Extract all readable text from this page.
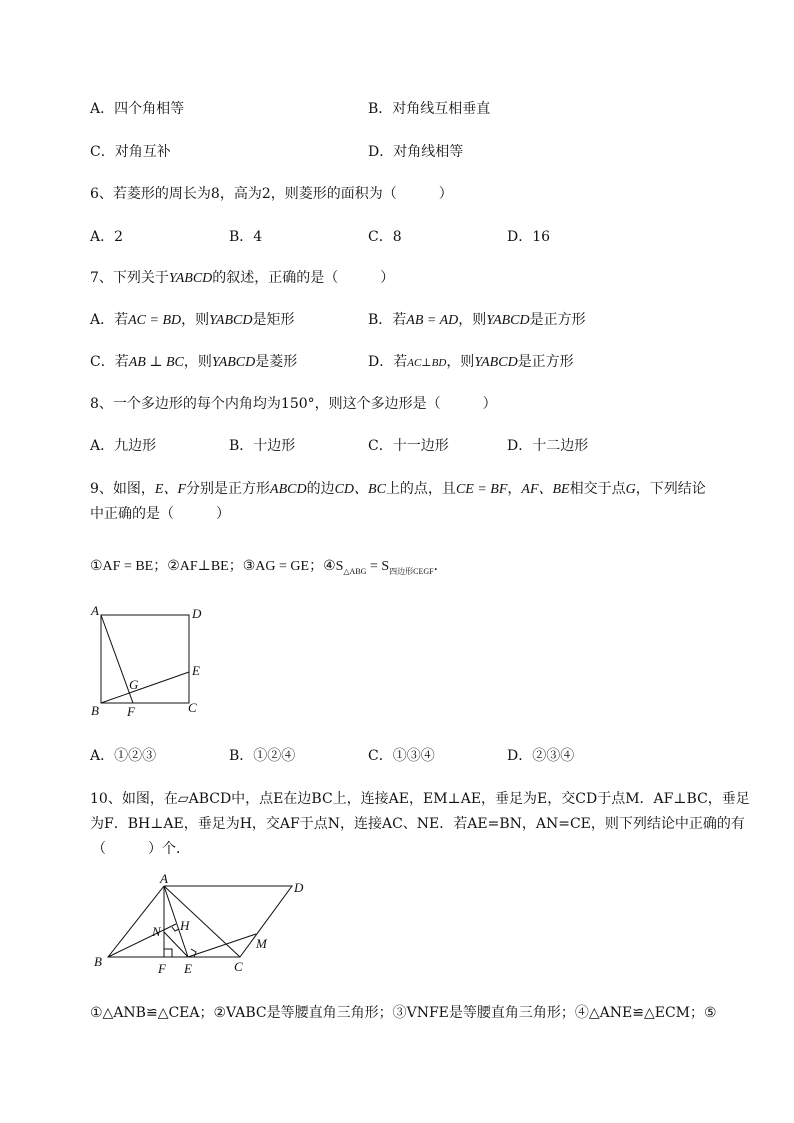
A．四个角相等	B．对角线互相垂直
C．对角互补	D．对角线相等
6、若菱形的周长为8，高为2，则菱形的面积为（　　　）
A．2	B．4	C．8	D．16
7、下列关于YABCD的叙述，正确的是（　　　）
A．若AC = BD，则YABCD是矩形	B．若AB = AD，则YABCD是正方形
C．若AB ⊥ BC，则YABCD是菱形	D．若AC⊥BD，则YABCD是正方形
8、一个多边形的每个内角均为150°，则这个多边形是（　　　）
A．九边形	B．十边形	C．十一边形	D．十二边形
9、如图，E、F分别是正方形ABCD的边CD、BC上的点，且CE = BF，AF、BE相交于点G，下列结论
中正确的是（　　　）
①AF = BE；②AF⊥BE；③AG = GE；$④S_{\triangle ABG} = S_{四边形CEGF}$．
A	D
E
G
B F	C
A．①②③	B．①②④	C．①③④	D．②③④
10、如图，在▱ABCD中，点E在边BC上，连接AE，EM⊥AE，垂足为E，交CD于点M．AF⊥BC，垂足
为F．BH⊥AE，垂足为H，交AF于点N，连接AC、NE．若AE=BN，AN=CE，则下列结论中正确的有
（　　　）个．
A
D
H
N
M
B	F E	C
①△ANB≌△CEA；②VABC是等腰直角三角形；③VNFE是等腰直角三角形；④△ANE≌△ECM；⑤
